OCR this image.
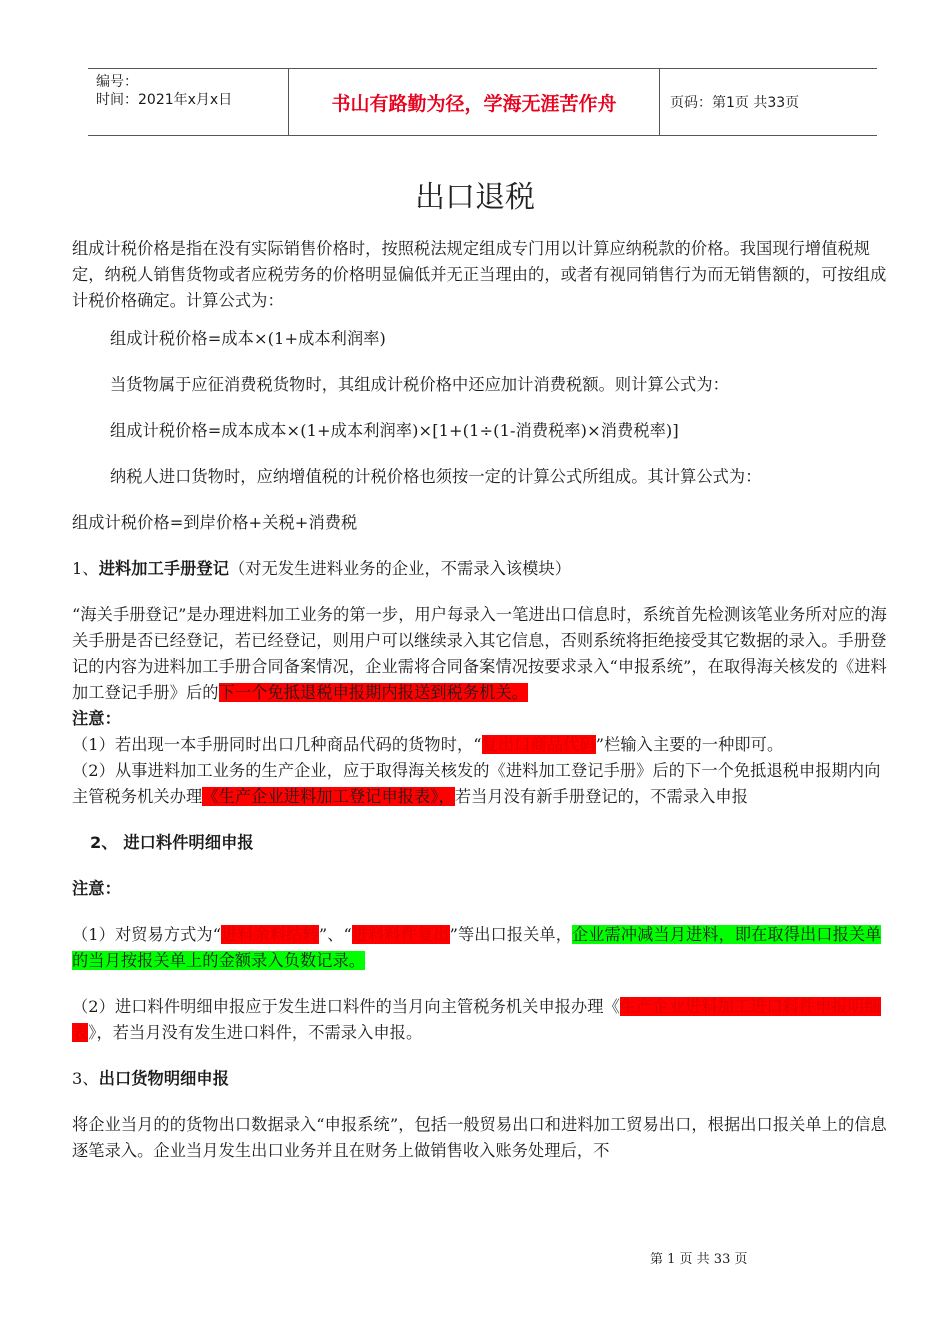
编号：
时间：2021年x月x日	书山有路勤为径，学海无涯苦作舟	页码：第1页 共33页
出口退税

组成计税价格是指在没有实际销售价格时，按照税法规定组成专门用以计算应纳税款的价格。我国现行增值税规定，纳税人销售货物或者应税劳务的价格明显偏低并无正当理由的，或者有视同销售行为而无销售额的，可按组成计税价格确定。计算公式为：

组成计税价格=成本×(1+成本利润率)

当货物属于应征消费税货物时，其组成计税价格中还应加计消费税额。则计算公式为：

组成计税价格=成本成本×(1+成本利润率)×[1+(1÷(1-消费税率)×消费税率)]

纳税人进口货物时，应纳增值税的计税价格也须按一定的计算公式所组成。其计算公式为：

组成计税价格=到岸价格+关税+消费税

1、进料加工手册登记（对无发生进料业务的企业，不需录入该模块）

“海关手册登记”是办理进料加工业务的第一步，用户每录入一笔进出口信息时，系统首先检测该笔业务所对应的海关手册是否已经登记，若已经登记，则用户可以继续录入其它信息，否则系统将拒绝接受其它数据的录入。手册登记的内容为进料加工手册合同备案情况，企业需将合同备案情况按要求录入“申报系统”，在取得海关核发的《进料加工登记手册》后的下一个免抵退税申报期内报送到税务机关。

注意：

（1）若出现一本手册同时出口几种商品代码的货物时，“复出口商品代码”栏输入主要的一种即可。

（2）从事进料加工业务的生产企业，应于取得海关核发的《进料加工登记手册》后的下一个免抵退税申报期内向主管税务机关办理《生产企业进料加工登记申报表》，若当月没有新手册登记的，不需录入申报

2、 进口料件明细申报

注意：

（1）对贸易方式为“进料余料结转”、“进料料件复出”等出口报关单，企业需冲减当月进料，即在取得出口报关单的当月按报关单上的金额录入负数记录。

（2）进口料件明细申报应于发生进口料件的当月向主管税务机关申报办理《生产企业进料加工进口料件申报明细表》，若当月没有发生进口料件，不需录入申报。

3、出口货物明细申报

将企业当月的的货物出口数据录入“申报系统”，包括一般贸易出口和进料加工贸易出口，根据出口报关单上的信息逐笔录入。企业当月发生出口业务并且在财务上做销售收入账务处理后，不

第 1 页 共 33 页
